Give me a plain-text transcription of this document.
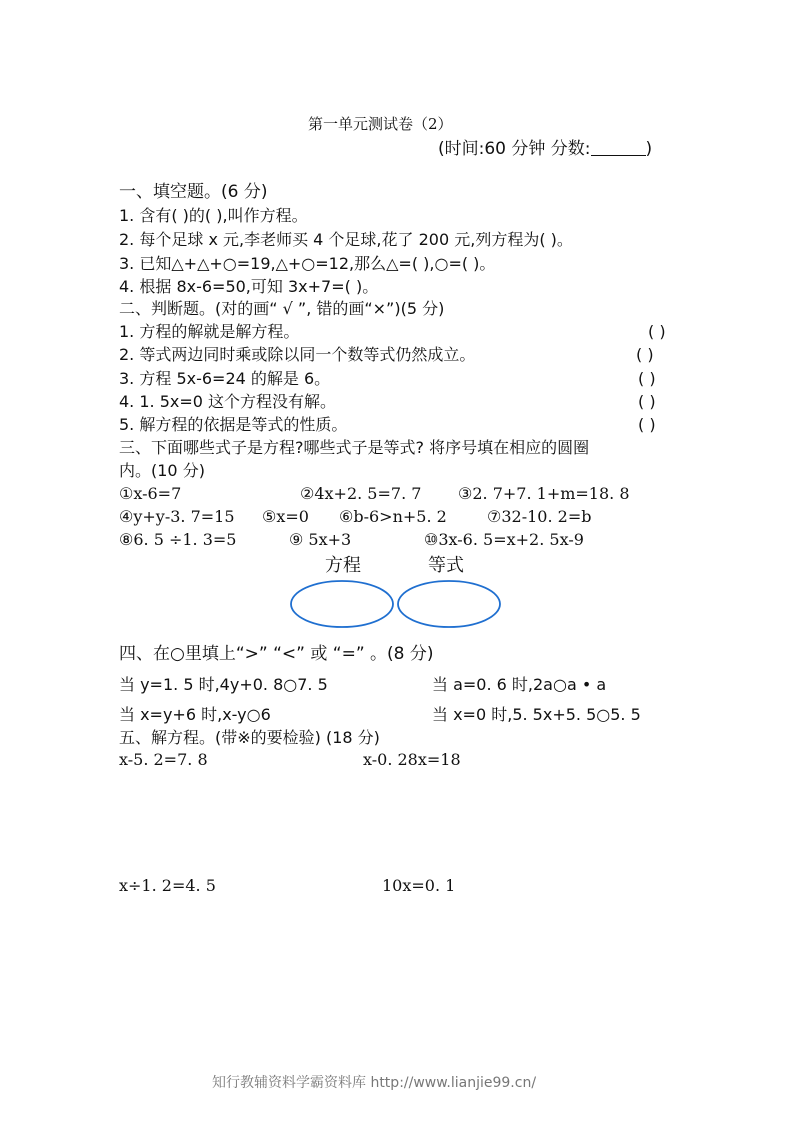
第一单元测试卷（2）
(时间:60 分钟 分数:	)
一、填空题。(6 分)
1. 含有( )的( ),叫作方程。
2. 每个足球 x 元,李老师买 4 个足球,花了 200 元,列方程为( )。
3. 已知△+△+○=19,△+○=12,那么△=( ),○=( )。
4. 根据 8x-6=50,可知 3x+7=( )。
二、判断题。(对的画“ √ ”, 错的画“×”)(5 分)
1. 方程的解就是解方程。	( )
2. 等式两边同时乘或除以同一个数等式仍然成立。	( )
3. 方程 5x-6=24 的解是 6。	( )
4. 1. 5x=0 这个方程没有解。	( )
5. 解方程的依据是等式的性质。	( )
三、下面哪些式子是方程?哪些式子是等式? 将序号填在相应的圆圈
内。(10 分)
①x-6=7	②4x+2. 5=7. 7 ③2. 7+7. 1+m=18. 8
④y+y-3. 7=15 ⑤x=0 ⑥b-6>n+5. 2	⑦32-10. 2=b
⑧6. 5 ÷1. 3=5	⑨ 5x+3	⑩3x-6. 5=x+2. 5x-9
方程	等式
四、在○里填上“>” “<” 或 “=” 。(8 分)
当 y=1. 5 时,4y+0. 8○7. 5	当 a=0. 6 时,2a○a • a
当 x=y+6 时,x-y○6	当 x=0 时,5. 5x+5. 5○5. 5
五、解方程。(带※的要检验) (18 分)
x-5. 2=7. 8	x-0. 28x=18
x÷1. 2=4. 5	10x=0. 1
知行教辅资料学霸资料库 http://www.lianjie99.cn/
